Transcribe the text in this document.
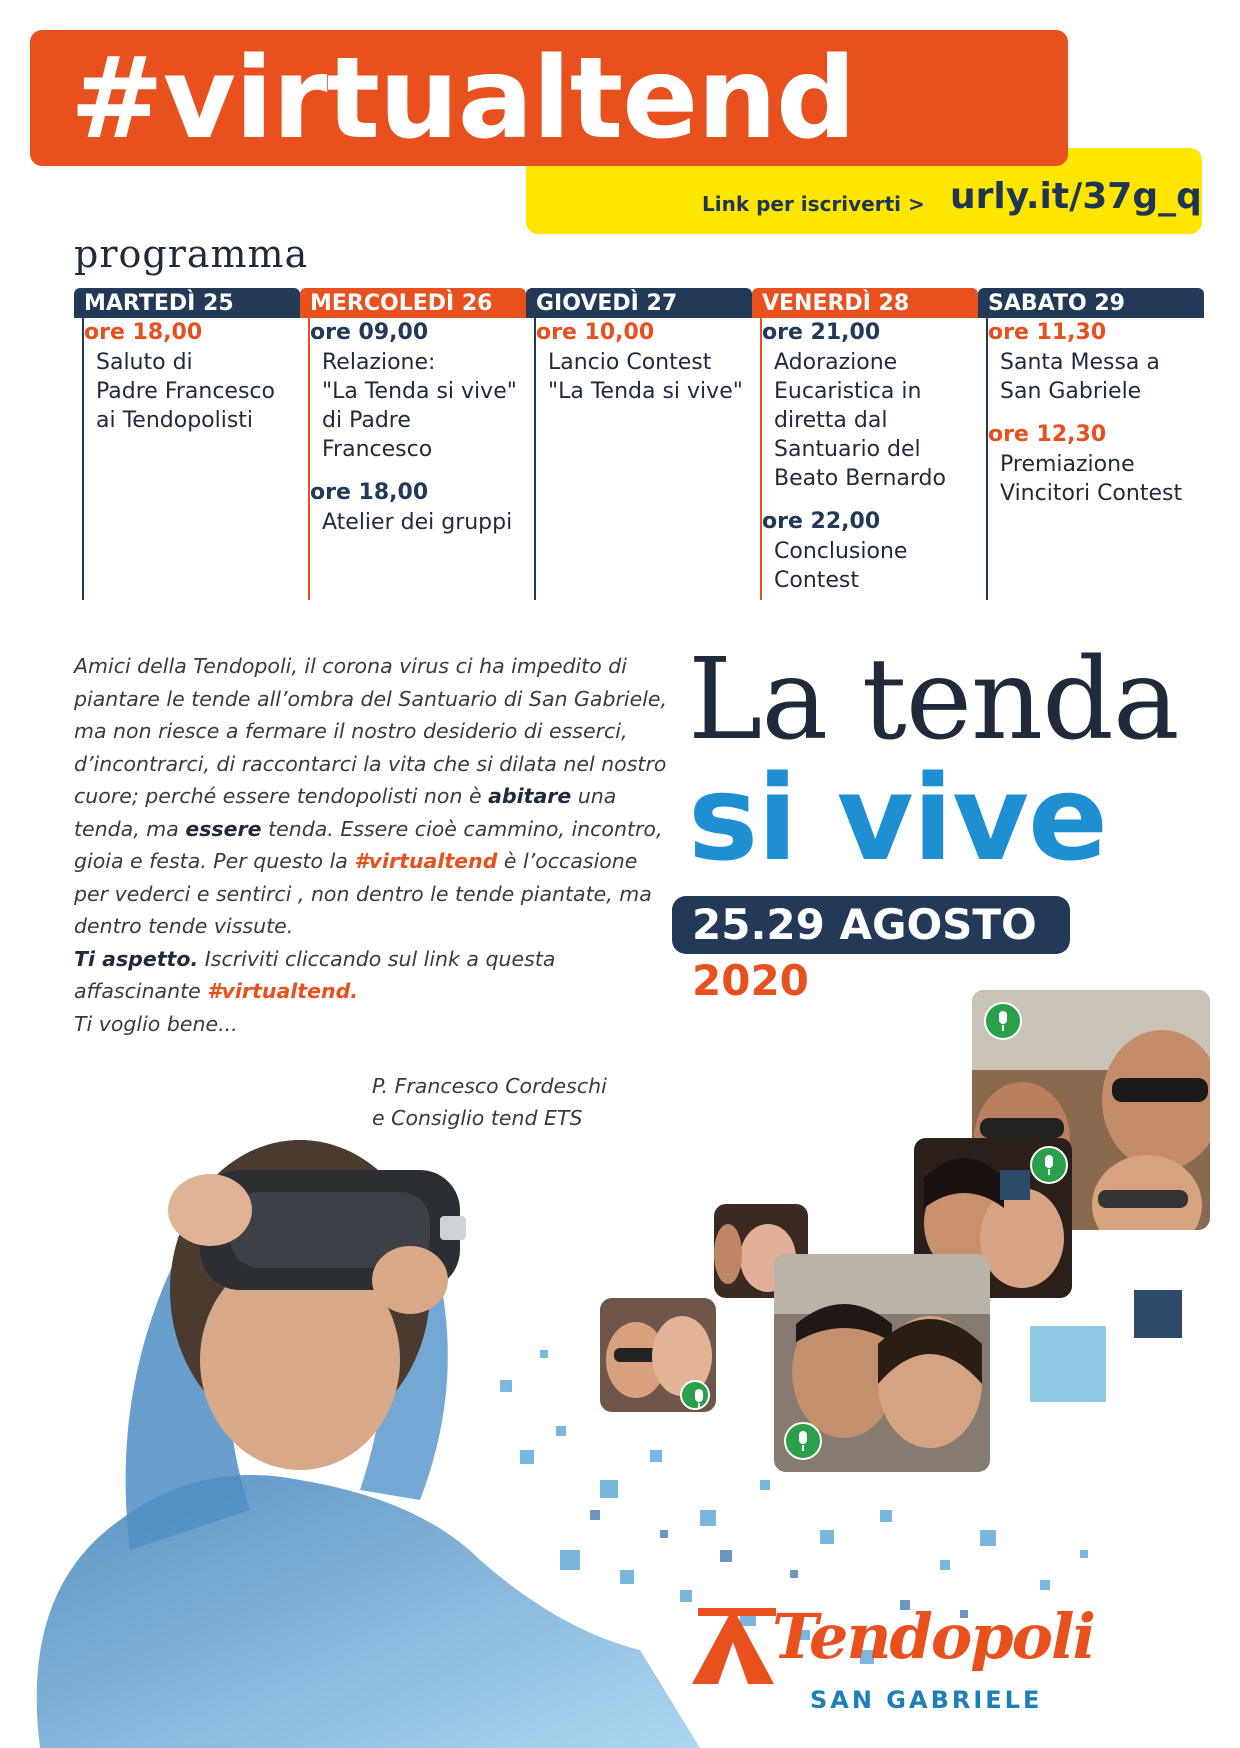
Link per iscriverti > urly.it/37g_q
#virtualtend
programma
MARTEDÌ 25
ore 18,00
Saluto di
Padre Francesco
ai Tendopolisti
MERCOLEDÌ 26
ore 09,00
Relazione:
"La Tenda si vive"
di Padre Francesco
ore 18,00
Atelier dei gruppi
GIOVEDÌ 27
ore 10,00
Lancio Contest
"La Tenda si vive"
VENERDÌ 28
ore 21,00
Adorazione
Eucaristica in
diretta dal
Santuario del
Beato Bernardo
ore 22,00
Conclusione
Contest
SABATO 29
ore 11,30
Santa Messa a
San Gabriele
ore 12,30
Premiazione
Vincitori Contest

Amici della Tendopoli, il corona virus ci ha impedito di piantare le tende all’ombra del Santuario di San Gabriele, ma non riesce a fermare il nostro desiderio di esserci, d’incontrarci, di raccontarci la vita che si dilata nel nostro cuore; perché essere tendopolisti non è abitare una tenda, ma essere tenda. Essere cioè cammino, incontro, gioia e festa. Per questo la #virtualtend è l’occasione per vederci e sentirci , non dentro le tende piantate, ma dentro tende vissute.

Ti aspetto. Iscriviti cliccando sul link a questa affascinante #virtualtend.

Ti voglio bene...

P. Francesco Cordeschi
e Consiglio tend ETS
La tenda
si vive
25.29 AGOSTO
2020
Tendopoli
SAN GABRIELE
